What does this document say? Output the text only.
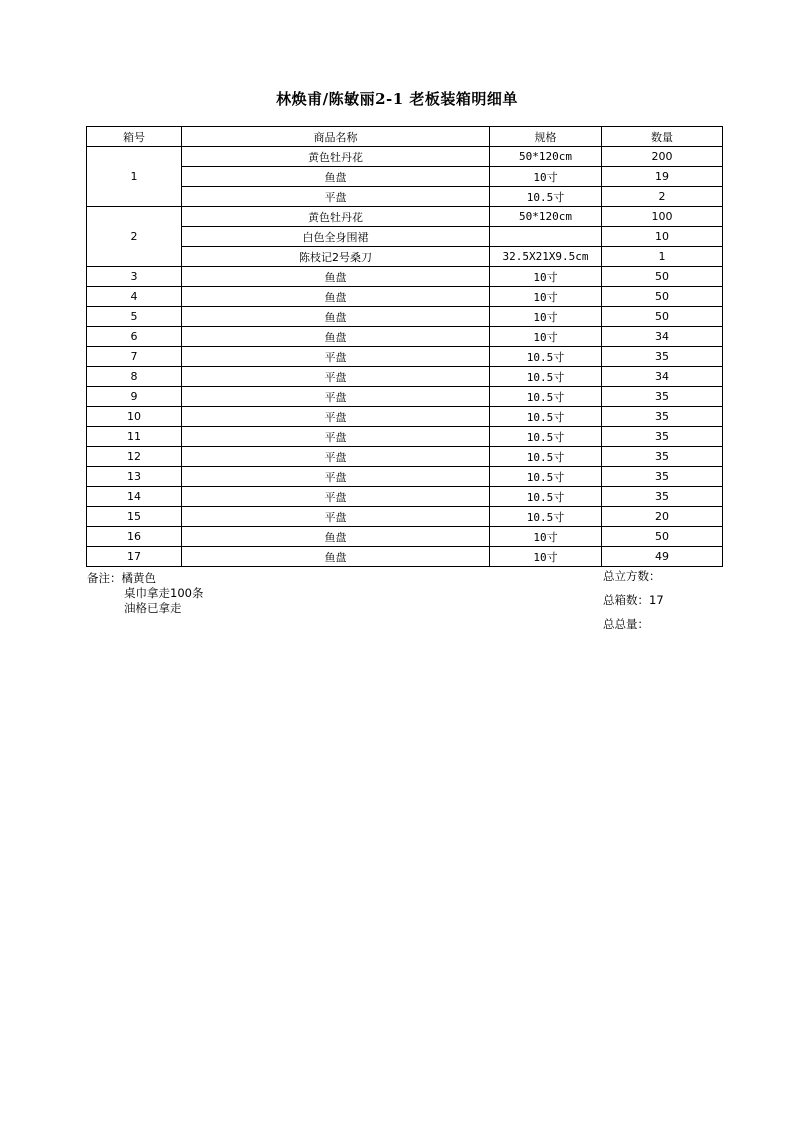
林焕甫/陈敏丽2-1 老板装箱明细单
箱号	商品名称	规格	数量
1	黄色牡丹花	50*120cm	200
	鱼盘	10寸	19
	平盘	10.5寸	2
2	黄色牡丹花	50*120cm	100
	白色全身围裙		10
	陈枝记2号桑刀	32.5X21X9.5cm	1
3	鱼盘	10寸	50
4	鱼盘	10寸	50
5	鱼盘	10寸	50
6	鱼盘	10寸	34
7	平盘	10.5寸	35
8	平盘	10.5寸	34
9	平盘	10.5寸	35
10	平盘	10.5寸	35
11	平盘	10.5寸	35
12	平盘	10.5寸	35
13	平盘	10.5寸	35
14	平盘	10.5寸	35
15	平盘	10.5寸	20
16	鱼盘	10寸	50
17	鱼盘	10寸	49
备注：橘黄色
桌巾拿走100条
油格已拿走
总立方数：
总箱数：17
总总量：
